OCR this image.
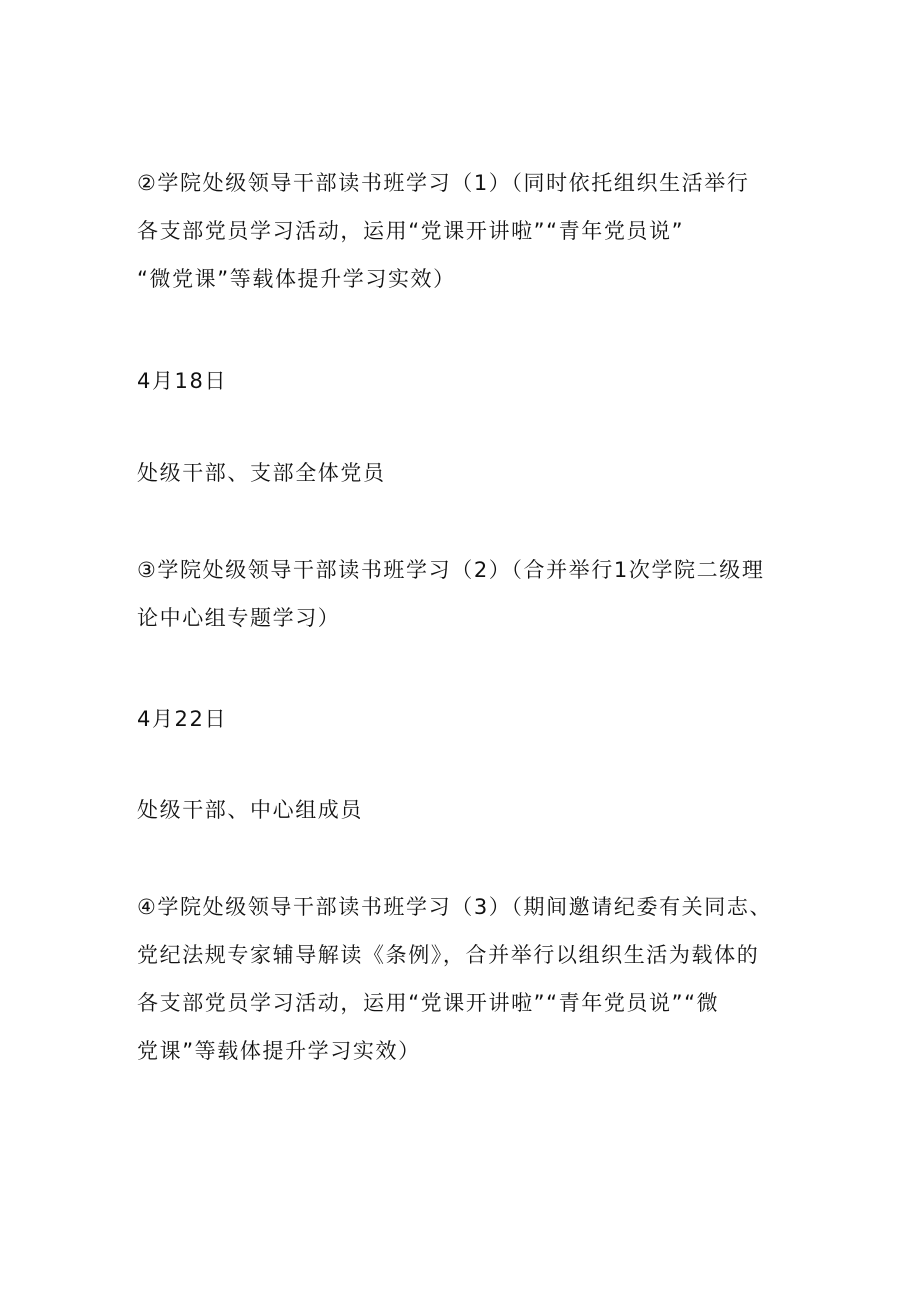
②学院处级领导干部读书班学习（1）（同时依托组织生活举行
各支部党员学习活动，运用“党课开讲啦”“青年党员说”
“微党课”等载体提升学习实效）

4月18日

处级干部、支部全体党员

③学院处级领导干部读书班学习（2）（合并举行1次学院二级理
论中心组专题学习）

4月22日

处级干部、中心组成员

④学院处级领导干部读书班学习（3）（期间邀请纪委有关同志、
党纪法规专家辅导解读《条例》，合并举行以组织生活为载体的
各支部党员学习活动，运用“党课开讲啦”“青年党员说”“微
党课”等载体提升学习实效）
